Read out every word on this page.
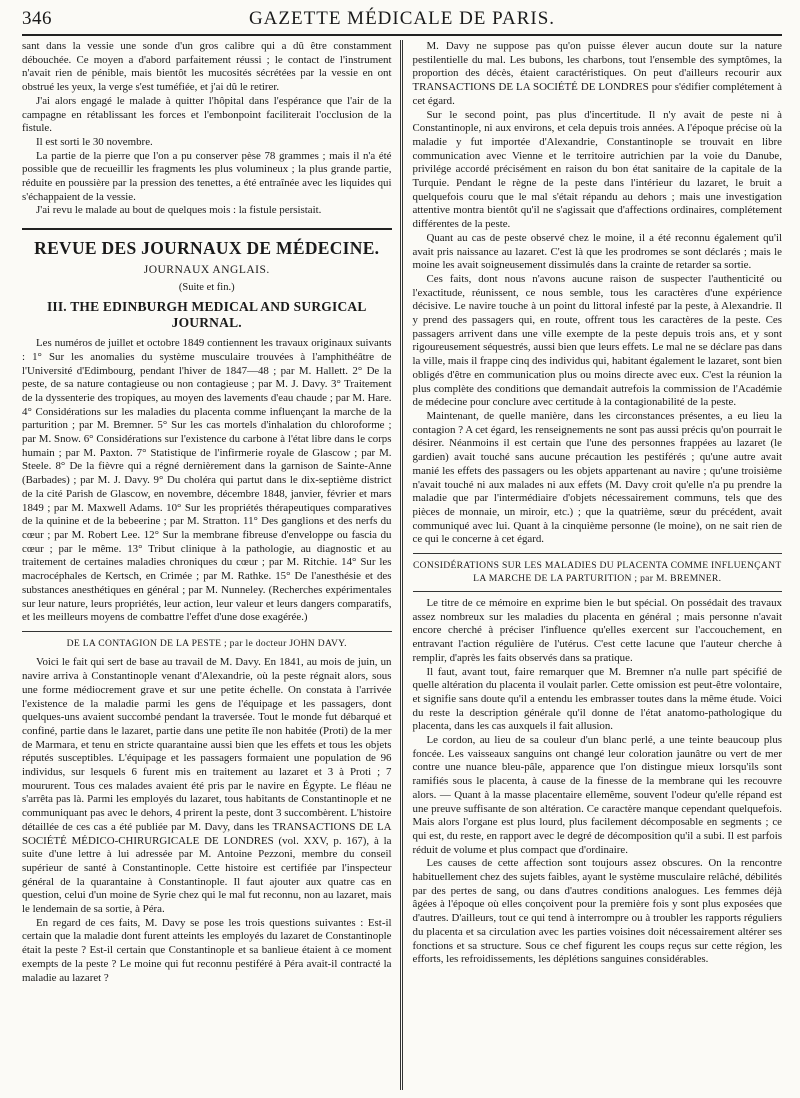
346	GAZETTE MÉDICALE DE PARIS.

sant dans la vessie une sonde d'un gros calibre qui a dû être constamment débouchée. Ce moyen a d'abord parfaitement réussi ; le contact de l'instrument n'avait rien de pénible, mais bientôt les mucosités sécrétées par la vessie en ont obstrué les yeux, la verge s'est tuméfiée, et j'ai dû le retirer.

J'ai alors engagé le malade à quitter l'hôpital dans l'espérance que l'air de la campagne en rétablissant les forces et l'embonpoint faciliterait l'occlusion de la fistule.

Il est sorti le 30 novembre.

La partie de la pierre que l'on a pu conserver pèse 78 grammes ; mais il n'a été possible que de recueillir les fragments les plus volumineux ; la plus grande partie, réduite en poussière par la pression des tenettes, a été entraînée avec les liquides qui s'échappaient de la vessie.

J'ai revu le malade au bout de quelques mois : la fistule persistait.

REVUE DES JOURNAUX DE MÉDECINE.
JOURNAUX ANGLAIS.
(Suite et fin.)
III. THE EDINBURGH MEDICAL AND SURGICAL JOURNAL.

Les numéros de juillet et octobre 1849 contiennent les travaux originaux suivants : 1° Sur les anomalies du système musculaire trouvées à l'amphithéâtre de l'Université d'Edimbourg, pendant l'hiver de 1847—48 ; par M. Hallett. 2° De la peste, de sa nature contagieuse ou non contagieuse ; par M. J. Davy. 3° Traitement de la dyssenterie des tropiques, au moyen des lavements d'eau chaude ; par M. Hare. 4° Considérations sur les maladies du placenta comme influençant la marche de la parturition ; par M. Bremner. 5° Sur les cas mortels d'inhalation du chloroforme ; par M. Snow. 6° Considérations sur l'existence du carbone à l'état libre dans le corps humain ; par M. Paxton. 7° Statistique de l'infirmerie royale de Glascow ; par M. Steele. 8° De la fièvre qui a régné dernièrement dans la garnison de Sainte-Anne (Barbades) ; par M. J. Davy. 9° Du choléra qui partut dans le dix-septième district de la cité Parish de Glascow, en novembre, décembre 1848, janvier, février et mars 1849 ; par M. Maxwell Adams. 10° Sur les propriétés thérapeutiques comparatives de la quinine et de la bebeerine ; par M. Stratton. 11° Des ganglions et des nerfs du cœur ; par M. Robert Lee. 12° Sur la membrane fibreuse d'enveloppe ou fascia du cœur ; par le même. 13° Tribut clinique à la pathologie, au diagnostic et au traitement de certaines maladies chroniques du cœur ; par M. Ritchie. 14° Sur les macrocéphales de Kertsch, en Crimée ; par M. Rathke. 15° De l'anesthésie et des substances anesthétiques en général ; par M. Nunneley. (Recherches expérimentales sur leur nature, leurs propriétés, leur action, leur valeur et leurs dangers comparatifs, et les meilleurs moyens de combattre l'effet d'une dose exagérée.)

DE LA CONTAGION DE LA PESTE ; par le docteur JOHN DAVY.

Voici le fait qui sert de base au travail de M. Davy. En 1841, au mois de juin, un navire arriva à Constantinople venant d'Alexandrie, où la peste régnait alors, sous une forme médiocrement grave et sur une petite échelle. On constata à l'arrivée l'existence de la maladie parmi les gens de l'équipage et les passagers, dont quelques-uns avaient succombé pendant la traversée. Tout le monde fut débarqué et confiné, partie dans le lazaret, partie dans une petite île non habitée (Proti) de la mer de Marmara, et tenu en stricte quarantaine aussi bien que les effets et tous les objets réputés susceptibles. L'équipage et les passagers formaient une population de 96 individus, sur lesquels 6 furent mis en traitement au lazaret et 3 à Proti ; 7 moururent. Tous ces malades avaient été pris par le navire en Égypte. Le fléau ne s'arrêta pas là. Parmi les employés du lazaret, tous habitants de Constantinople et ne communiquant pas avec le dehors, 4 prirent la peste, dont 3 succombèrent. L'histoire détaillée de ces cas a été publiée par M. Davy, dans les TRANSACTIONS DE LA SOCIÉTÉ MÉDICO-CHIRURGICALE DE LONDRES (vol. XXV, p. 167), à la suite d'une lettre à lui adressée par M. Antoine Pezzoni, membre du conseil supérieur de santé à Constantinople. Cette histoire est certifiée par l'inspecteur général de la quarantaine à Constantinople. Il faut ajouter aux quatre cas en question, celui d'un moine de Syrie chez qui le mal fut reconnu, non au lazaret, mais le lendemain de sa sortie, à Péra.

En regard de ces faits, M. Davy se pose les trois questions suivantes : Est-il certain que la maladie dont furent atteints les employés du lazaret de Constantinople était la peste ? Est-il certain que Constantinople et sa banlieue étaient à ce moment exempts de la peste ? Le moine qui fut reconnu pestiféré à Péra avait-il contracté la maladie au lazaret ?

M. Davy ne suppose pas qu'on puisse élever aucun doute sur la nature pestilentielle du mal. Les bubons, les charbons, tout l'ensemble des symptômes, la proportion des décès, étaient caractéristiques. On peut d'ailleurs recourir aux TRANSACTIONS DE LA SOCIÉTÉ DE LONDRES pour s'édifier complétement à cet égard.

Sur le second point, pas plus d'incertitude. Il n'y avait de peste ni à Constantinople, ni aux environs, et cela depuis trois années. A l'époque précise où la maladie y fut importée d'Alexandrie, Constantinople se trouvait en libre communication avec Vienne et le territoire autrichien par la voie du Danube, privilége accordé précisément en raison du bon état sanitaire de la capitale de la Turquie. Pendant le règne de la peste dans l'intérieur du lazaret, le bruit a quelquefois couru que le mal s'était répandu au dehors ; mais une investigation attentive montra bientôt qu'il ne s'agissait que d'affections ordinaires, complétement différentes de la peste.

Quant au cas de peste observé chez le moine, il a été reconnu également qu'il avait pris naissance au lazaret. C'est là que les prodromes se sont déclarés ; mais le moine les avait soigneusement dissimulés dans la crainte de retarder sa sortie.

Ces faits, dont nous n'avons aucune raison de suspecter l'authenticité ou l'exactitude, réunissent, ce nous semble, tous les caractères d'une expérience décisive. Le navire touche à un point du littoral infesté par la peste, à Alexandrie. Il y prend des passagers qui, en route, offrent tous les caractères de la peste. Ces passagers arrivent dans une ville exempte de la peste depuis trois ans, et y sont rigoureusement séquestrés, aussi bien que leurs effets. Le mal ne se déclare pas dans la ville, mais il frappe cinq des individus qui, habitant également le lazaret, sont bien obligés d'être en communication plus ou moins directe avec eux. C'est la réunion la plus complète des conditions que demandait autrefois la commission de l'Académie de médecine pour conclure avec certitude à la contagionabilité de la peste.

Maintenant, de quelle manière, dans les circonstances présentes, a eu lieu la contagion ? A cet égard, les renseignements ne sont pas aussi précis qu'on pourrait le désirer. Néanmoins il est certain que l'une des personnes frappées au lazaret (le gardien) avait touché sans aucune précaution les pestiférés ; qu'une autre avait manié les effets des passagers ou les objets appartenant au navire ; qu'une troisième n'avait touché ni aux malades ni aux effets (M. Davy croit qu'elle n'a pu prendre la maladie que par l'intermédiaire d'objets nécessairement communs, tels que des pièces de monnaie, un miroir, etc.) ; que la quatrième, sœur du précédent, avait communiqué avec lui. Quant à la cinquième personne (le moine), on ne sait rien de ce qui le concerne à cet égard.

CONSIDÉRATIONS SUR LES MALADIES DU PLACENTA COMME INFLUENÇANT LA MARCHE DE LA PARTURITION ; par M. BREMNER.

Le titre de ce mémoire en exprime bien le but spécial. On possédait des travaux assez nombreux sur les maladies du placenta en général ; mais personne n'avait encore cherché à préciser l'influence qu'elles exercent sur l'accouchement, en entravant l'action régulière de l'utérus. C'est cette lacune que l'auteur cherche à remplir, d'après les faits observés dans sa pratique.

Il faut, avant tout, faire remarquer que M. Bremner n'a nulle part spécifié de quelle altération du placenta il voulait parler. Cette omission est peut-être volontaire, et signifie sans doute qu'il a entendu les embrasser toutes dans la même étude. Voici du reste la description générale qu'il donne de l'état anatomo-pathologique du placenta, dans les cas auxquels il fait allusion.

Le cordon, au lieu de sa couleur d'un blanc perlé, a une teinte beaucoup plus foncée. Les vaisseaux sanguins ont changé leur coloration jaunâtre ou vert de mer contre une nuance bleu-pâle, apparence que l'on distingue mieux lorsqu'ils sont ramifiés sous le placenta, à cause de la finesse de la membrane qui les recouvre alors. — Quant à la masse placentaire ellemême, souvent l'odeur qu'elle répand est une preuve suffisante de son altération. Ce caractère manque cependant quelquefois. Mais alors l'organe est plus lourd, plus facilement décomposable en segments ; ce qui est, du reste, en rapport avec le degré de décomposition qu'il a subi. Il est parfois réduit de volume et plus compact que d'ordinaire.

Les causes de cette affection sont toujours assez obscures. On la rencontre habituellement chez des sujets faibles, ayant le système musculaire relâché, débilités par des pertes de sang, ou dans d'autres conditions analogues. Les femmes déjà âgées à l'époque où elles conçoivent pour la première fois y sont plus exposées que d'autres. D'ailleurs, tout ce qui tend à interrompre ou à troubler les rapports réguliers du placenta et sa circulation avec les parties voisines doit nécessairement altérer ses fonctions et sa structure. Sous ce chef figurent les coups reçus sur cette région, les efforts, les refroidissements, les déplétions sanguines considérables.
